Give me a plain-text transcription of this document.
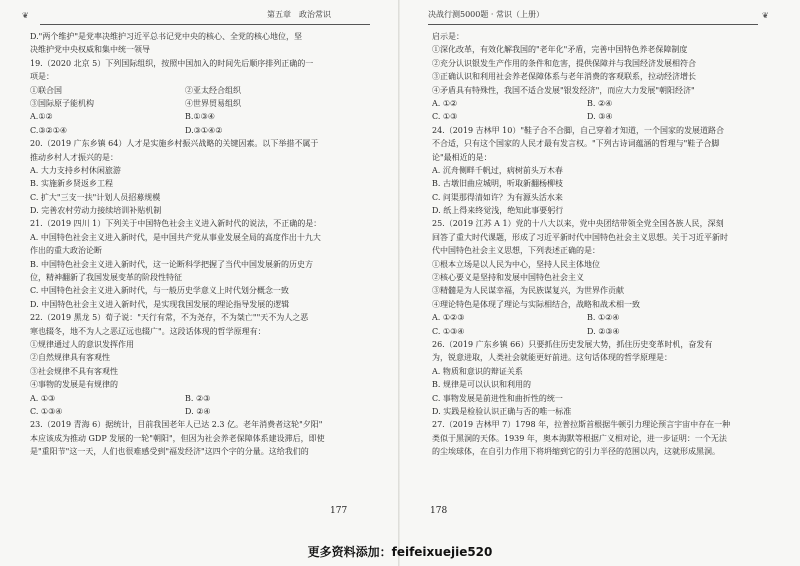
❦	第五章　政治常识
D."两个维护"是党率决维护习近平总书记党中央的核心、全党的核心地位，坚
决维护党中央权威和集中统一领导
19.（2020 北京 5）下列国际组织，按照中国加入的时间先后顺序排列正确的一
项是：
①联合国	②亚太经合组织
③国际原子能机构	④世界贸易组织
A.①②	B.①③④
C.③②①④	D.③①④②
20.（2019 广东乡镇 64）人才是实施乡村振兴战略的关键因素。以下举措不属于
推动乡村人才振兴的是：
A. 大力支持乡村休闲旅游
B. 实施新乡贤返乡工程
C. 扩大"三支一扶"计划人员招募规模
D. 完善农村劳动力接续培训补贴机制
21.（2019 四川 1）下列关于中国特色社会主义进入新时代的说法，不正确的是：
A. 中国特色社会主义进入新时代，是中国共产党从事业发展全局的高度作出十九大
作出的重大政治论断
B. 中国特色社会主义进入新时代，这一论断科学把握了当代中国发展新的历史方
位，精神翻新了我国发展变革的阶段性特征
C. 中国特色社会主义进入新时代，与一般历史学意义上时代划分概念一致
D. 中国特色社会主义进入新时代，是实现我国发展的理论指导发展的逻辑
22.（2019 黑龙 5）荀子说："天行有常，不为尧存，不为桀亡""天不为人之恶
寒也辍冬，地不为人之恶辽远也辍广"。这段话体现的哲学原理有：
①规律通过人的意识发挥作用
②自然规律具有客观性
③社会规律不具有客观性
④事物的发展是有规律的
A. ①③	B. ②③
C. ①③④	D. ②④
23.（2019 青海 6）据统计，目前我国老年人已达 2.3 亿。老年消费者这轮"夕阳"
本应该成为推动 GDP 发展的一轮"朝阳"，但因为社会养老保障体系建设滞后，即使
是"重阳节"这一天，人们也很难感受到"福发经济"这四个字的分量。这给我们的
177
决战行测5000题 · 常识（上册）	❦
启示是：
①深化改革，有效化解我国的"老年化"矛盾，完善中国特色养老保障制度
②充分认识银发生产作用的条件和危害，提供保障并与我国经济发展相符合
③正确认识和利用社会养老保障体系与老年消费的客观联系，拉动经济增长
④矛盾具有特殊性，我国不适合发展"银发经济"，而应大力发展"朝阳经济"
A. ①②	B. ②④
C. ①③	D. ③④
24.（2019 吉林甲 10）"鞋子合不合脚，自己穿着才知道，一个国家的发展道路合
不合适，只有这个国家的人民才最有发言权。"下列古诗词蕴涵的哲理与"鞋子合脚
论"最相近的是：
A. 沉舟侧畔千帆过，病树前头万木春
B. 古墩旧曲应城明，听取新翻杨柳枝
C. 问渠那得清如许？为有源头活水来
D. 纸上得来终觉浅，绝知此事要躬行
25.（2019 江苏 A 1）党的十八大以来，党中央团结带领全党全国各族人民，深刻
回答了重大时代课题，形成了习近平新时代中国特色社会主义思想。关于习近平新时
代中国特色社会主义思想，下列表述正确的是：
①根本立场是以人民为中心，坚持人民主体地位
②核心要义是坚持和发展中国特色社会主义
③精髓是为人民谋幸福，为民族谋复兴，为世界作贡献
④理论特色是体现了理论与实际相结合，战略和战术相一致
A. ①②③	B. ①②④
C. ①③④	D. ②③④
26.（2019 广东乡镇 66）只要抓住历史发展大势，抓住历史变革时机，奋发有
为，锐意进取，人类社会就能更好前进。这句话体现的哲学原理是：
A. 物质和意识的辩证关系
B. 规律是可以认识和利用的
C. 事物发展是前进性和曲折性的统一
D. 实践是检验认识正确与否的唯一标准
27.（2019 吉林甲 7）1798 年，拉普拉斯首根据牛顿引力理论预言宇宙中存在一种
类似于黑洞的天体。1939 年，奥本海默等根据广义相对论，进一步证明：一个无法
的尘埃球体，在自引力作用下将坍缩到它的引力半径的范围以内，这就形成黑洞。
178
更多资料添加：feifeixuejie520
